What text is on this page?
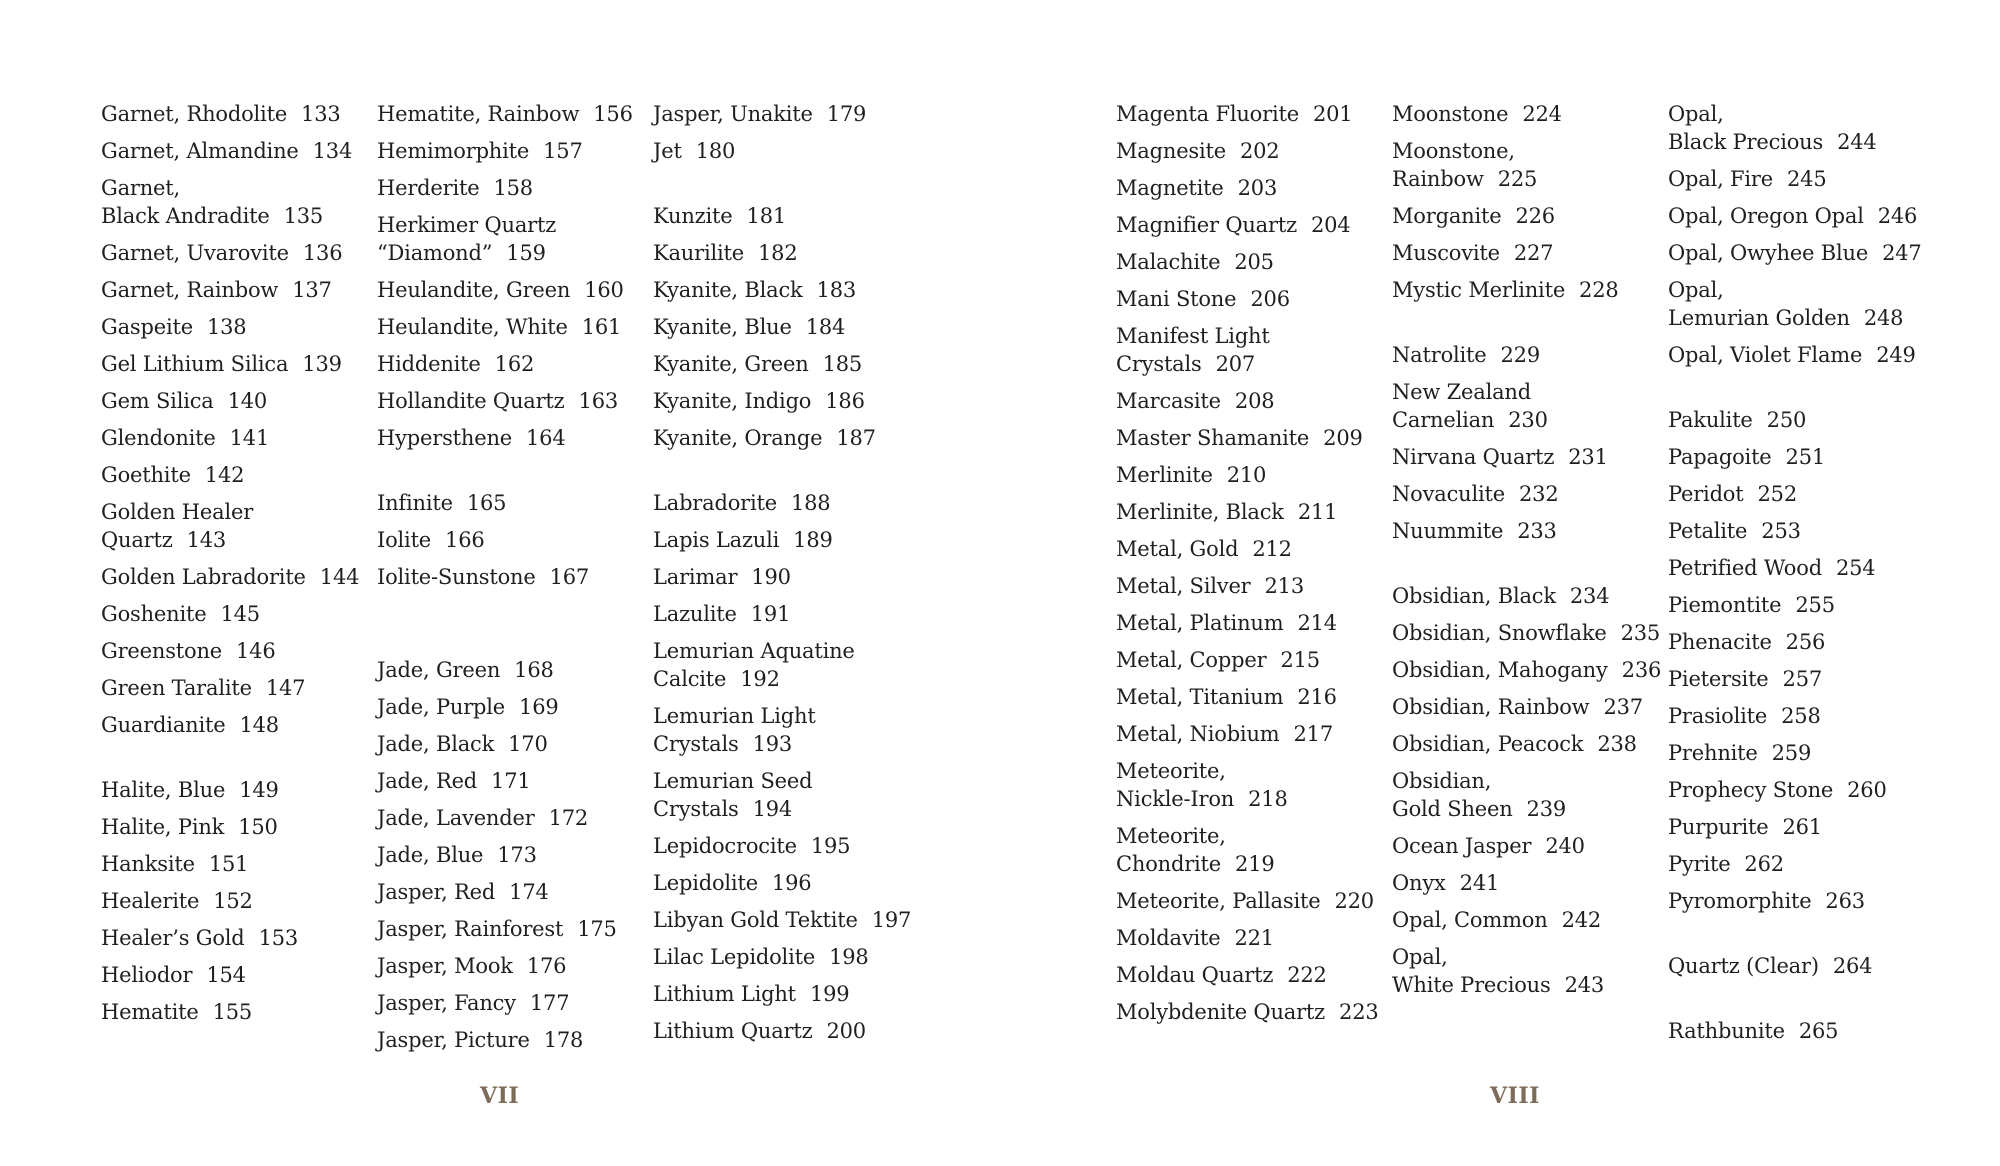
Garnet, Rhodolite 133
Garnet, Almandine 134
Garnet,
Black Andradite 135
Garnet, Uvarovite 136
Garnet, Rainbow 137
Gaspeite 138
Gel Lithium Silica 139
Gem Silica 140
Glendonite 141
Goethite 142
Golden Healer
Quartz 143
Golden Labradorite 144
Goshenite 145
Greenstone 146
Green Taralite 147
Guardianite 148
Halite, Blue 149
Halite, Pink 150
Hanksite 151
Healerite 152
Healer’s Gold 153
Heliodor 154
Hematite 155
Hematite, Rainbow 156
Hemimorphite 157
Herderite 158
Herkimer Quartz
“Diamond” 159
Heulandite, Green 160
Heulandite, White 161
Hiddenite 162
Hollandite Quartz 163
Hypersthene 164
Infinite 165
Iolite 166
Iolite-Sunstone 167
Jade, Green 168
Jade, Purple 169
Jade, Black 170
Jade, Red 171
Jade, Lavender 172
Jade, Blue 173
Jasper, Red 174
Jasper, Rainforest 175
Jasper, Mook 176
Jasper, Fancy 177
Jasper, Picture 178
Jasper, Unakite 179
Jet 180
Kunzite 181
Kaurilite 182
Kyanite, Black 183
Kyanite, Blue 184
Kyanite, Green 185
Kyanite, Indigo 186
Kyanite, Orange 187
Labradorite 188
Lapis Lazuli 189
Larimar 190
Lazulite 191
Lemurian Aquatine
Calcite 192
Lemurian Light
Crystals 193
Lemurian Seed
Crystals 194
Lepidocrocite 195
Lepidolite 196
Libyan Gold Tektite 197
Lilac Lepidolite 198
Lithium Light 199
Lithium Quartz 200
VII
Magenta Fluorite 201
Magnesite 202
Magnetite 203
Magnifier Quartz 204
Malachite 205
Mani Stone 206
Manifest Light
Crystals 207
Marcasite 208
Master Shamanite 209
Merlinite 210
Merlinite, Black 211
Metal, Gold 212
Metal, Silver 213
Metal, Platinum 214
Metal, Copper 215
Metal, Titanium 216
Metal, Niobium 217
Meteorite,
Nickle-Iron 218
Meteorite,
Chondrite 219
Meteorite, Pallasite 220
Moldavite 221
Moldau Quartz 222
Molybdenite Quartz 223
Moonstone 224
Moonstone,
Rainbow 225
Morganite 226
Muscovite 227
Mystic Merlinite 228
Natrolite 229
New Zealand
Carnelian 230
Nirvana Quartz 231
Novaculite 232
Nuummite 233
Obsidian, Black 234
Obsidian, Snowflake 235
Obsidian, Mahogany 236
Obsidian, Rainbow 237
Obsidian, Peacock 238
Obsidian,
Gold Sheen 239
Ocean Jasper 240
Onyx 241
Opal, Common 242
Opal,
White Precious 243
Opal,
Black Precious 244
Opal, Fire 245
Opal, Oregon Opal 246
Opal, Owyhee Blue 247
Opal,
Lemurian Golden 248
Opal, Violet Flame 249
Pakulite 250
Papagoite 251
Peridot 252
Petalite 253
Petrified Wood 254
Piemontite 255
Phenacite 256
Pietersite 257
Prasiolite 258
Prehnite 259
Prophecy Stone 260
Purpurite 261
Pyrite 262
Pyromorphite 263
Quartz (Clear) 264
Rathbunite 265
VIII
